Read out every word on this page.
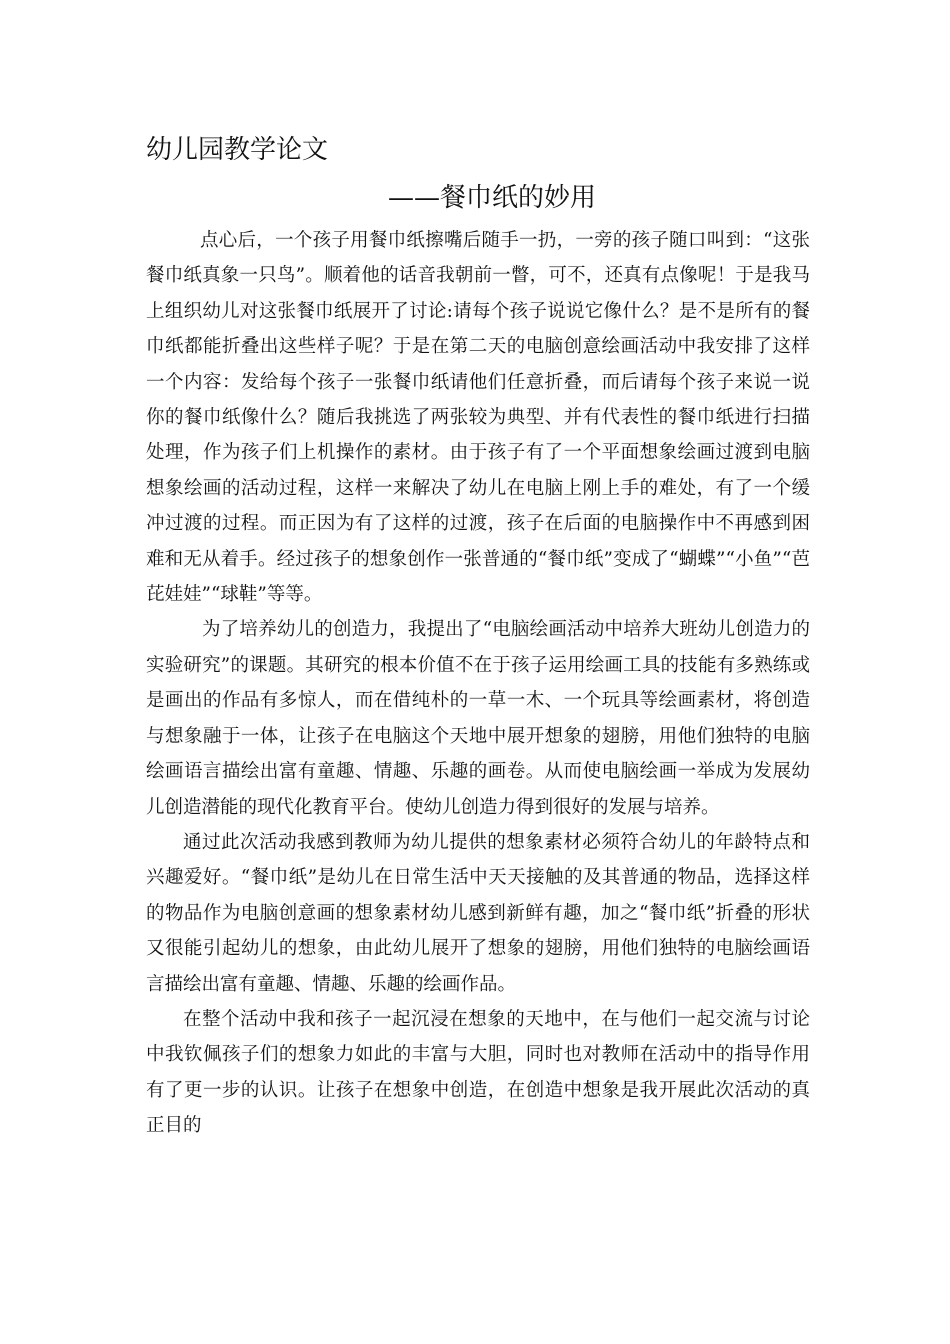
幼儿园教学论文
——餐巾纸的妙用

点心后，一个孩子用餐巾纸擦嘴后随手一扔，一旁的孩子随口叫到：“这张餐巾纸真象一只鸟”。顺着他的话音我朝前一瞥，可不，还真有点像呢！于是我马上组织幼儿对这张餐巾纸展开了讨论:请每个孩子说说它像什么？是不是所有的餐巾纸都能折叠出这些样子呢？于是在第二天的电脑创意绘画活动中我安排了这样一个内容：发给每个孩子一张餐巾纸请他们任意折叠，而后请每个孩子来说一说你的餐巾纸像什么？随后我挑选了两张较为典型、并有代表性的餐巾纸进行扫描处理，作为孩子们上机操作的素材。由于孩子有了一个平面想象绘画过渡到电脑想象绘画的活动过程，这样一来解决了幼儿在电脑上刚上手的难处，有了一个缓冲过渡的过程。而正因为有了这样的过渡，孩子在后面的电脑操作中不再感到困难和无从着手。经过孩子的想象创作一张普通的“餐巾纸”变成了“蝴蝶”“小鱼”“芭芘娃娃”“球鞋”等等。

为了培养幼儿的创造力，我提出了“电脑绘画活动中培养大班幼儿创造力的实验研究”的课题。其研究的根本价值不在于孩子运用绘画工具的技能有多熟练或是画出的作品有多惊人，而在借纯朴的一草一木、一个玩具等绘画素材，将创造与想象融于一体，让孩子在电脑这个天地中展开想象的翅膀，用他们独特的电脑绘画语言描绘出富有童趣、情趣、乐趣的画卷。从而使电脑绘画一举成为发展幼儿创造潜能的现代化教育平台。使幼儿创造力得到很好的发展与培养。

通过此次活动我感到教师为幼儿提供的想象素材必须符合幼儿的年龄特点和兴趣爱好。“餐巾纸”是幼儿在日常生活中天天接触的及其普通的物品，选择这样的物品作为电脑创意画的想象素材幼儿感到新鲜有趣，加之“餐巾纸”折叠的形状又很能引起幼儿的想象，由此幼儿展开了想象的翅膀，用他们独特的电脑绘画语言描绘出富有童趣、情趣、乐趣的绘画作品。

在整个活动中我和孩子一起沉浸在想象的天地中，在与他们一起交流与讨论中我钦佩孩子们的想象力如此的丰富与大胆，同时也对教师在活动中的指导作用有了更一步的认识。让孩子在想象中创造，在创造中想象是我开展此次活动的真正目的
